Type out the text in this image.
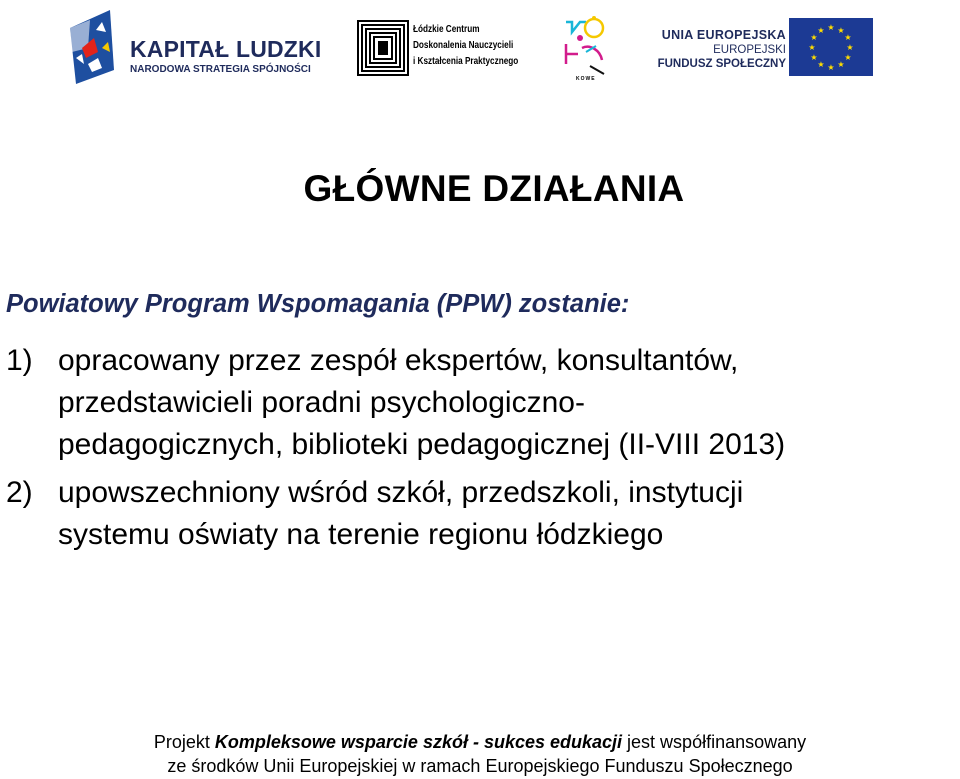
KAPITAŁ LUDZKI
NARODOWA STRATEGIA SPÓJNOŚCI
Łódzkie Centrum
Doskonalenia Nauczycieli
i Kształcenia Praktycznego
KOWE
UNIA EUROPEJSKA
EUROPEJSKI
FUNDUSZ SPOŁECZNY
★ ★
★
★
★
★
★
★
★
★
★
★
GŁÓWNE DZIAŁANIA
Powiatowy Program Wspomagania (PPW) zostanie:
1) opracowany przez zespół ekspertów, konsultantów,
przedstawicieli poradni psychologiczno-
pedagogicznych, biblioteki pedagogicznej (II-VIII 2013)
2) upowszechniony wśród szkół, przedszkoli, instytucji
systemu oświaty na terenie regionu łódzkiego
Projekt Kompleksowe wsparcie szkół - sukces edukacji jest współfinansowany
ze środków Unii Europejskiej w ramach Europejskiego Funduszu Społecznego
